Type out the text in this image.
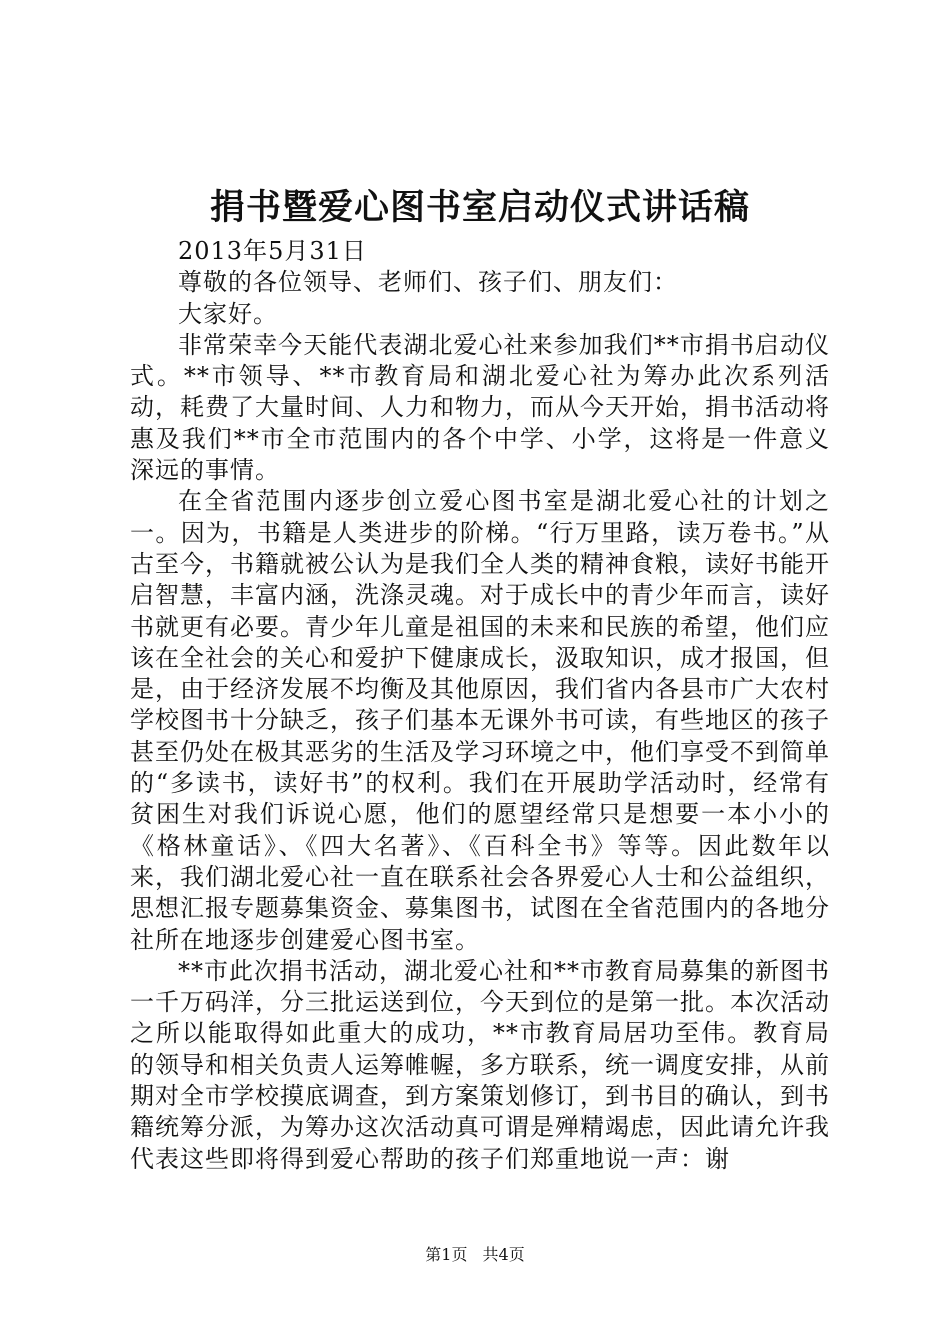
捐书暨爱心图书室启动仪式讲话稿

2013年5月31日

尊敬的各位领导、老师们、孩子们、朋友们：

大家好。

非常荣幸今天能代表湖北爱心社来参加我们**市捐书启动仪式。**市领导、**市教育局和湖北爱心社为筹办此次系列活动，耗费了大量时间、人力和物力，而从今天开始，捐书活动将惠及我们**市全市范围内的各个中学、小学，这将是一件意义深远的事情。

在全省范围内逐步创立爱心图书室是湖北爱心社的计划之一。因为，书籍是人类进步的阶梯。“行万里路，读万卷书。”从古至今，书籍就被公认为是我们全人类的精神食粮，读好书能开启智慧，丰富内涵，洗涤灵魂。对于成长中的青少年而言，读好书就更有必要。青少年儿童是祖国的未来和民族的希望，他们应该在全社会的关心和爱护下健康成长，汲取知识，成才报国，但是，由于经济发展不均衡及其他原因，我们省内各县市广大农村学校图书十分缺乏，孩子们基本无课外书可读，有些地区的孩子甚至仍处在极其恶劣的生活及学习环境之中，他们享受不到简单的“多读书，读好书”的权利。我们在开展助学活动时，经常有贫困生对我们诉说心愿，他们的愿望经常只是想要一本小小的《格林童话》、《四大名著》、《百科全书》等等。因此数年以来，我们湖北爱心社一直在联系社会各界爱心人士和公益组织，思想汇报专题募集资金、募集图书，试图在全省范围内的各地分社所在地逐步创建爱心图书室。

**市此次捐书活动，湖北爱心社和**市教育局募集的新图书一千万码洋，分三批运送到位，今天到位的是第一批。本次活动之所以能取得如此重大的成功，**市教育局居功至伟。教育局的领导和相关负责人运筹帷幄，多方联系，统一调度安排，从前期对全市学校摸底调查，到方案策划修订，到书目的确认，到书籍统筹分派，为筹办这次活动真可谓是殚精竭虑，因此请允许我代表这些即将得到爱心帮助的孩子们郑重地说一声：谢

第1页 共4页
